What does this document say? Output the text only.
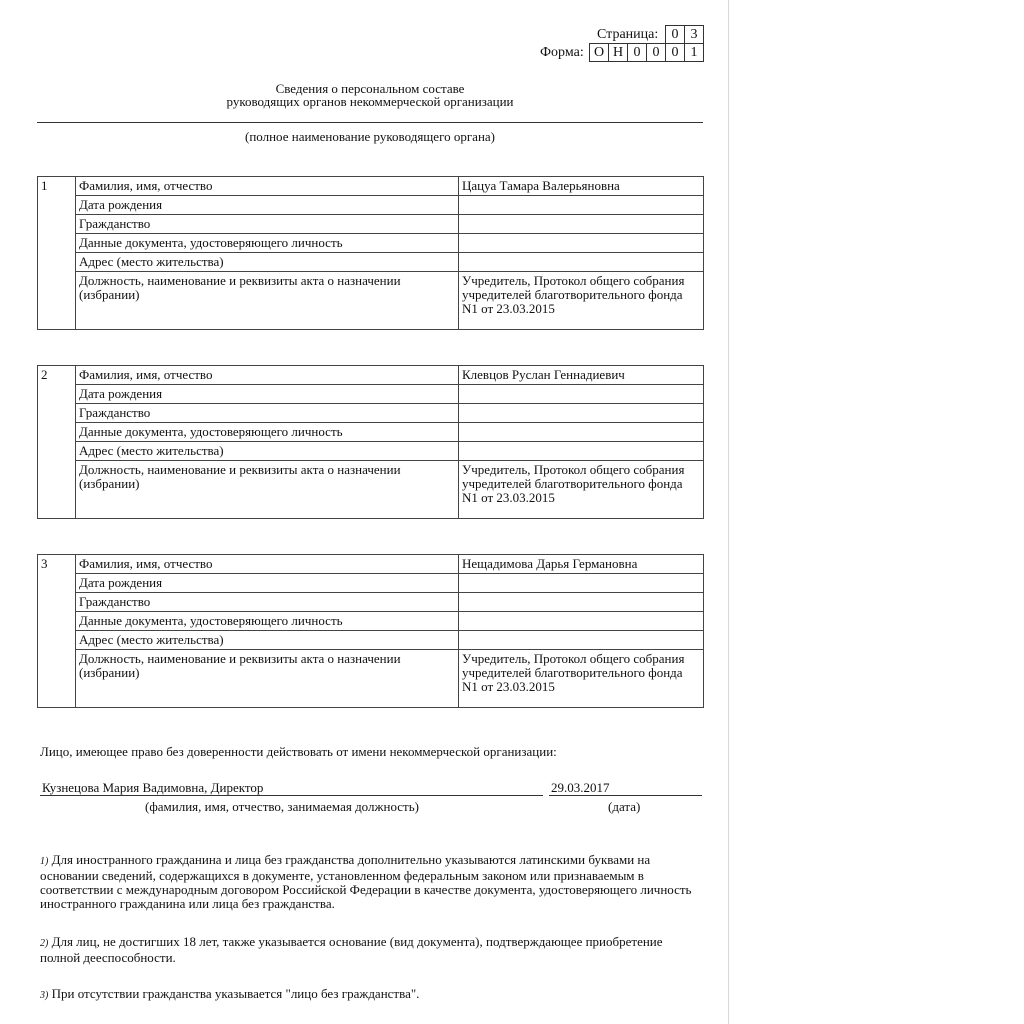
Страница: 0 3
Форма: О Н 0 0 0 1
Сведения о персональном составе
руководящих органов некоммерческой организации
(полное наименование руководящего органа)
1	Фамилия, имя, отчество	Цацуа Тамара Валерьяновна
	Дата рождения	
	Гражданство	
	Данные документа, удостоверяющего личность	
	Адрес (место жительства)	
	Должность, наименование и реквизиты акта о назначении (избрании)	Учредитель, Протокол общего собрания учредителей благотворительного фонда N1 от 23.03.2015
2	Фамилия, имя, отчество	Клевцов Руслан Геннадиевич
	Дата рождения	
	Гражданство	
	Данные документа, удостоверяющего личность	
	Адрес (место жительства)	
	Должность, наименование и реквизиты акта о назначении (избрании)	Учредитель, Протокол общего собрания учредителей благотворительного фонда N1 от 23.03.2015
3	Фамилия, имя, отчество	Нещадимова Дарья Германовна
	Дата рождения	
	Гражданство	
	Данные документа, удостоверяющего личность	
	Адрес (место жительства)	
	Должность, наименование и реквизиты акта о назначении (избрании)	Учредитель, Протокол общего собрания учредителей благотворительного фонда N1 от 23.03.2015
Лицо, имеющее право без доверенности действовать от имени некоммерческой организации:
Кузнецова Мария Вадимовна, Директор	29.03.2017
(фамилия, имя, отчество, занимаемая должность)	(дата)
1) Для иностранного гражданина и лица без гражданства дополнительно указываются латинскими буквами на основании сведений, содержащихся в документе, установленном федеральным законом или признаваемым в соответствии с международным договором Российской Федерации в качестве документа, удостоверяющего личность иностранного гражданина или лица без гражданства.
2) Для лиц, не достигших 18 лет, также указывается основание (вид документа), подтверждающее приобретение полной дееспособности.
3) При отсутствии гражданства указывается "лицо без гражданства".
